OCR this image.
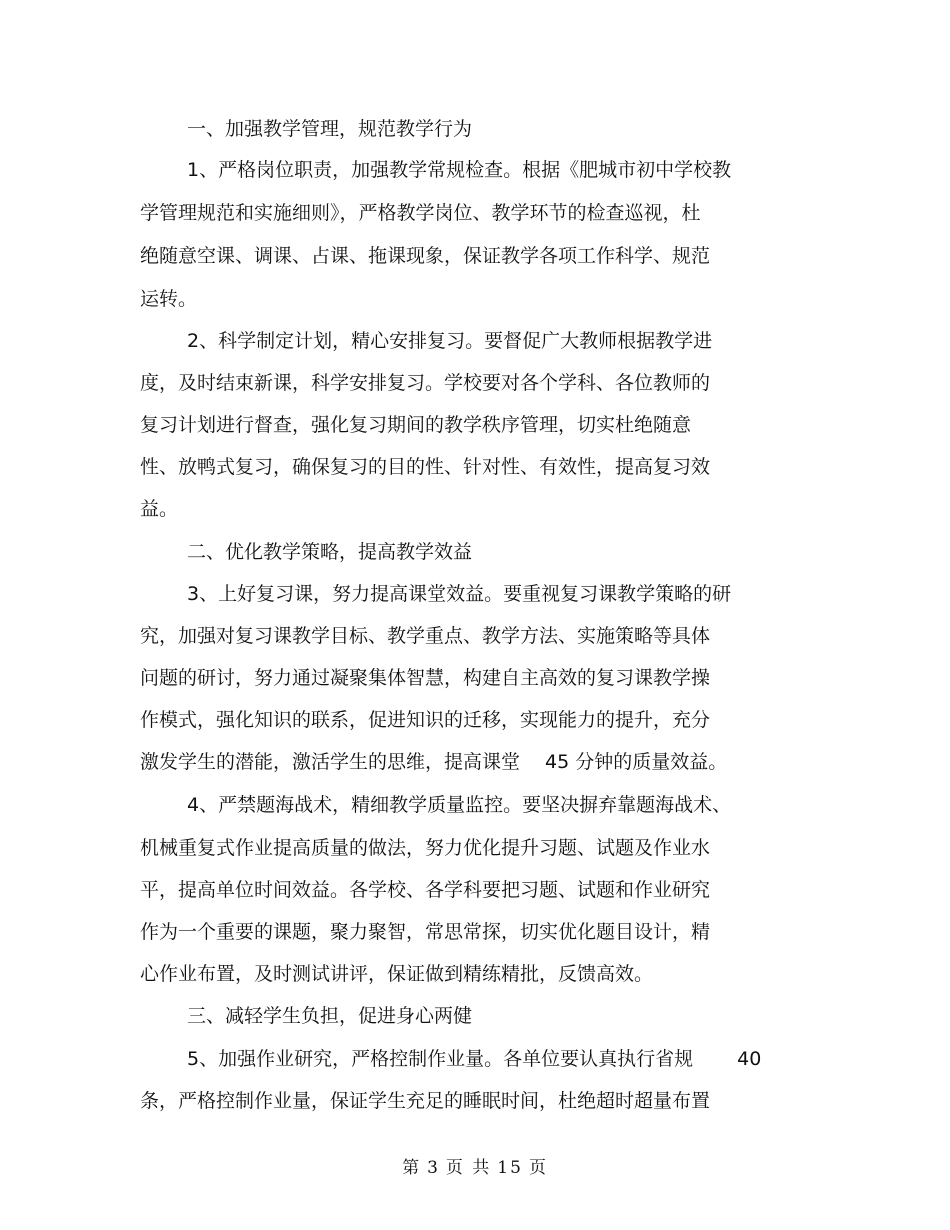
一、加强教学管理，规范教学行为
1、严格岗位职责，加强教学常规检查。根据《肥城市初中学校教
学管理规范和实施细则》，严格教学岗位、教学环节的检查巡视，杜
绝随意空课、调课、占课、拖课现象，保证教学各项工作科学、规范
运转。
2、科学制定计划，精心安排复习。要督促广大教师根据教学进
度，及时结束新课，科学安排复习。学校要对各个学科、各位教师的
复习计划进行督查，强化复习期间的教学秩序管理，切实杜绝随意
性、放鸭式复习，确保复习的目的性、针对性、有效性，提高复习效
益。
二、优化教学策略，提高教学效益
3、上好复习课，努力提高课堂效益。要重视复习课教学策略的研
究，加强对复习课教学目标、教学重点、教学方法、实施策略等具体
问题的研讨，努力通过凝聚集体智慧，构建自主高效的复习课教学操
作模式，强化知识的联系，促进知识的迁移，实现能力的提升，充分
激发学生的潜能，激活学生的思维，提高课堂　 45 分钟的质量效益。
4、严禁题海战术，精细教学质量监控。要坚决摒弃靠题海战术、
机械重复式作业提高质量的做法，努力优化提升习题、试题及作业水
平，提高单位时间效益。各学校、各学科要把习题、试题和作业研究
作为一个重要的课题，聚力聚智，常思常探，切实优化题目设计，精
心作业布置，及时测试讲评，保证做到精练精批，反馈高效。
三、减轻学生负担，促进身心两健
5、加强作业研究，严格控制作业量。各单位要认真执行省规　　 40
条，严格控制作业量，保证学生充足的睡眠时间，杜绝超时超量布置
第 3 页 共 15 页
